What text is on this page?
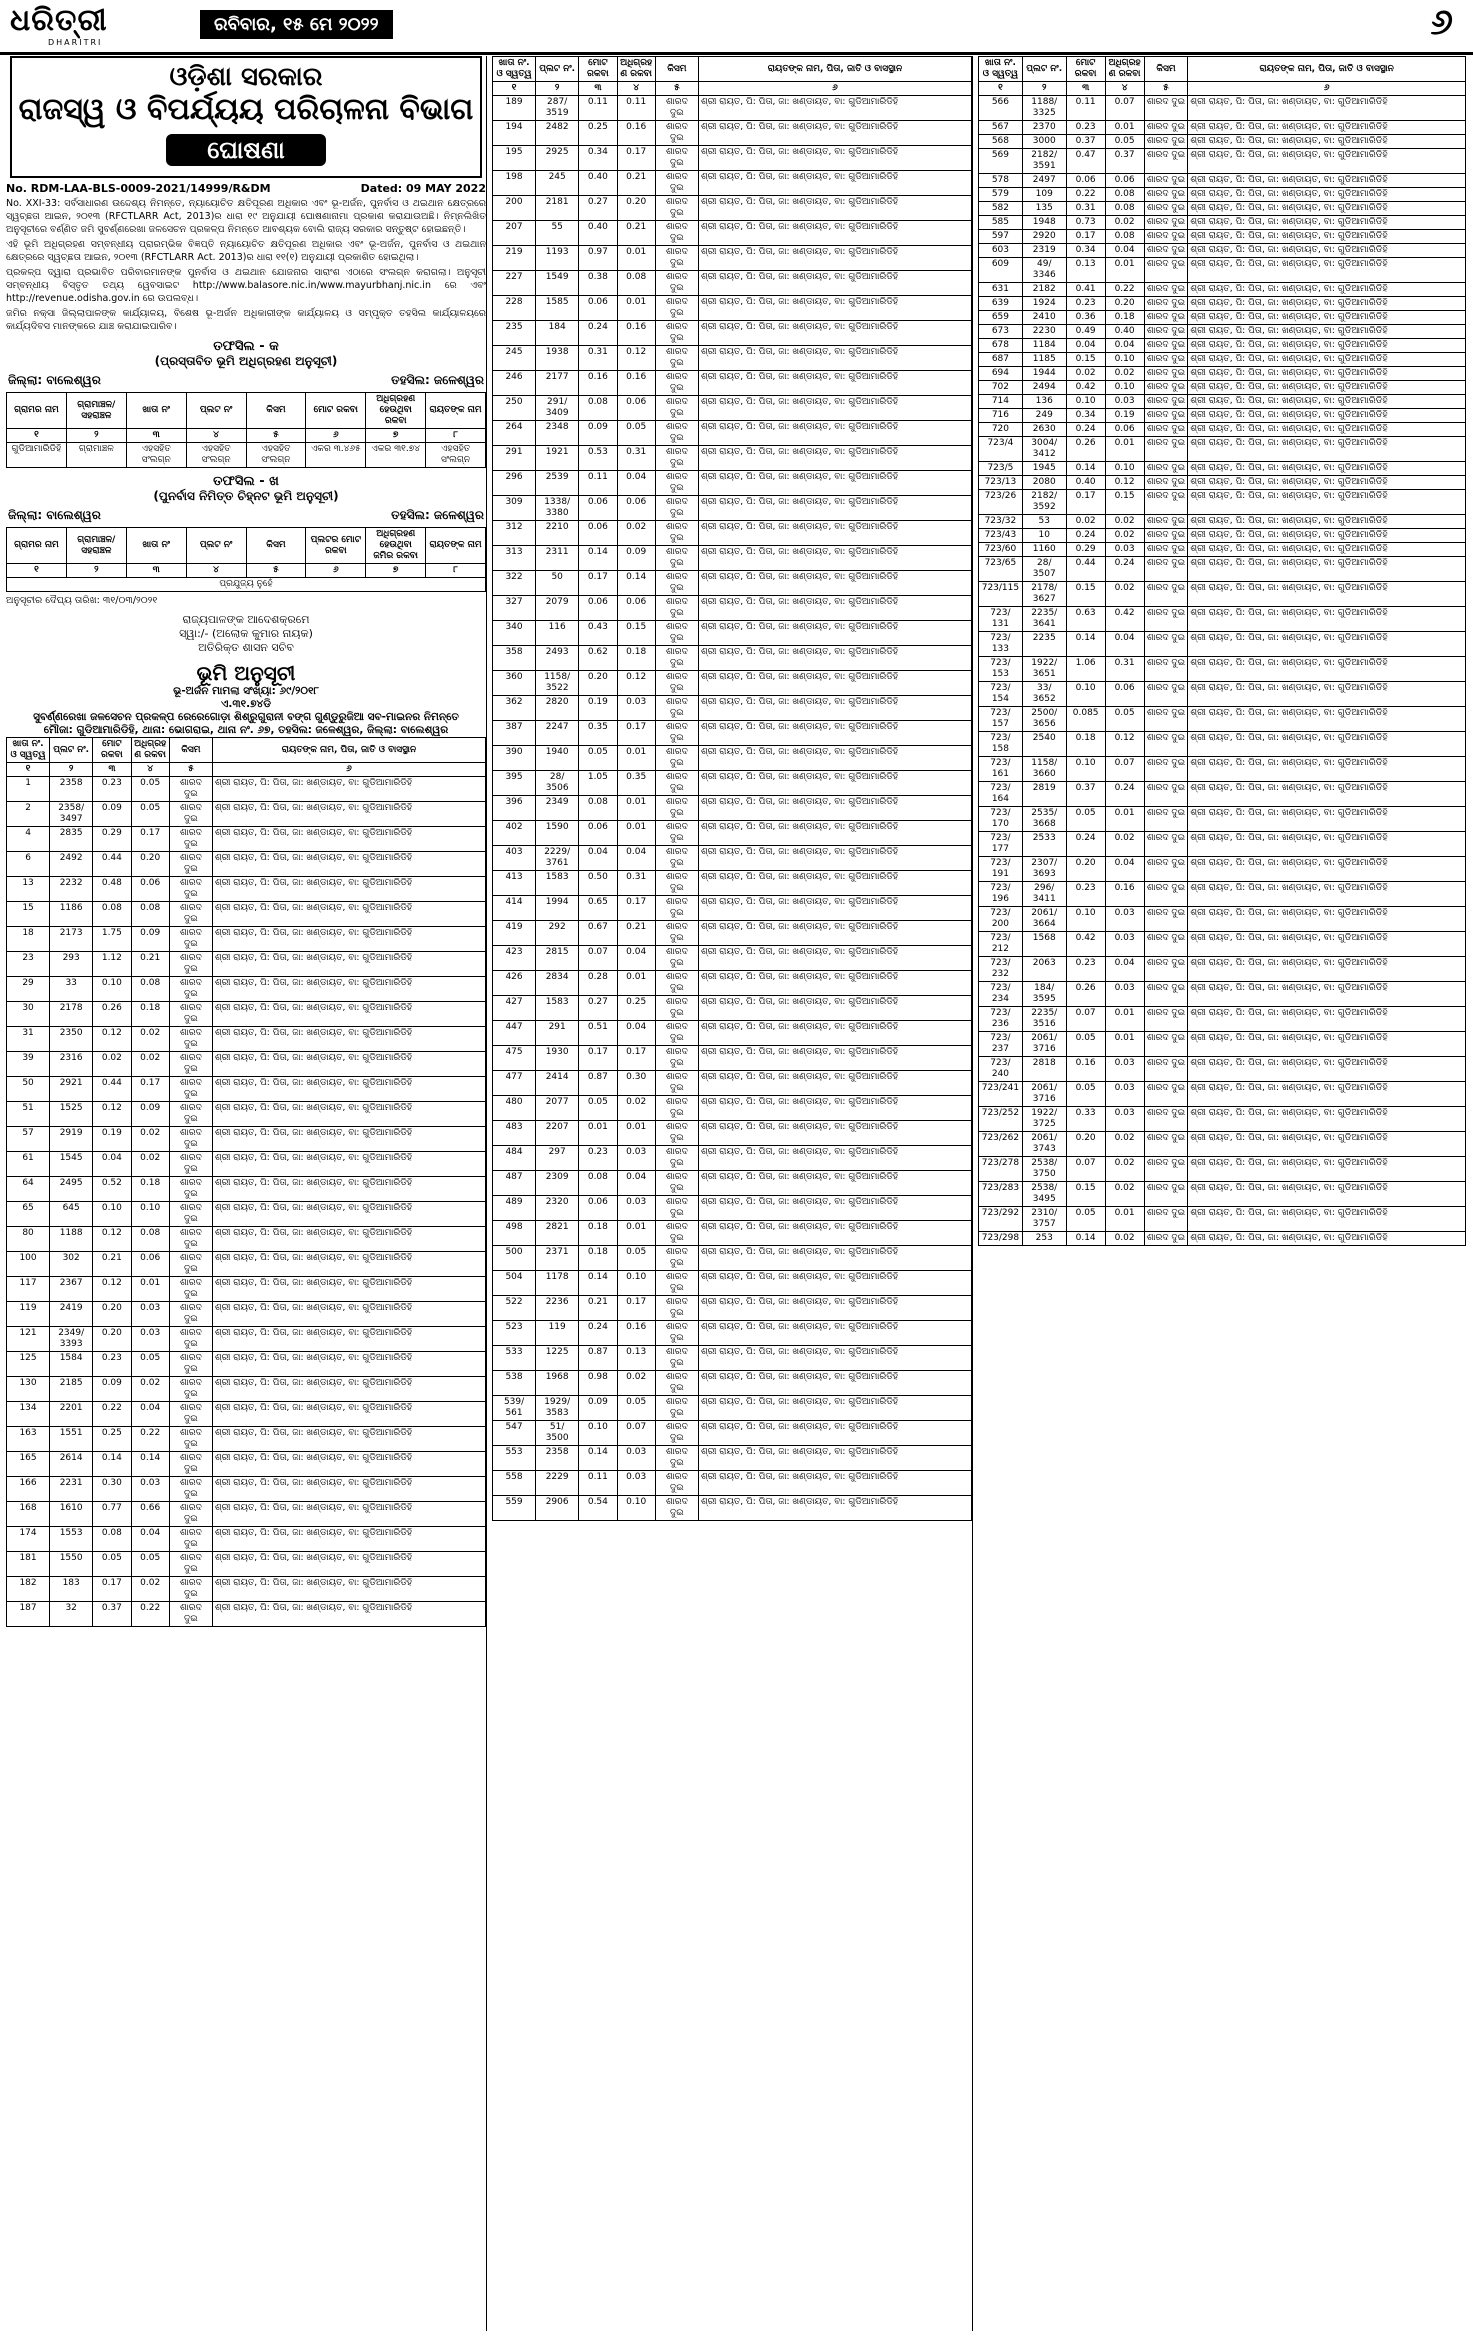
ଧରିତ୍ରୀ
DHARITRI
ରବିବାର, ୧୫ ମେ ୨୦୨୨	୬
ଓଡ଼ିଶା ସରକାର
ରାଜସ୍ୱ ଓ ବିପର୍ଯ୍ୟୟ ପରିଚାଳନା ବିଭାଗ
ଘୋଷଣା
No. RDM-LAA-BLS-0009-2021/14999/R&DM	Dated: 09 MAY 2022

No. XXI-33: ସର୍ବସାଧାରଣ ଉଦ୍ଦେଶ୍ୟ ନିମନ୍ତେ, ନ୍ୟାୟୋଚିତ କ୍ଷତିପୂରଣ ଅଧିକାର ଏବଂ ଭୂ-ଅର୍ଜନ, ପୁନର୍ବାସ ଓ ଥଇଥାନ କ୍ଷେତ୍ରରେ ସ୍ୱଚ୍ଛତା ଆଇନ, ୨୦୧୩ (RFCTLARR Act, 2013)ର ଧାରା ୧୯ ଅନୁଯାୟୀ ଘୋଷଣାନାମା ପ୍ରକାଶ କରାଯାଉଅଛି। ନିମ୍ନଲିଖିତ ଅନୁସୂଚୀରେ ବର୍ଣ୍ଣିତ ଜମି ସୁବର୍ଣ୍ଣରେଖା ଜଳସେଚନ ପ୍ରକଳ୍ପ ନିମନ୍ତେ ଆବଶ୍ୟକ ବୋଲି ରାଜ୍ୟ ସରକାର ସନ୍ତୁଷ୍ଟ ହୋଇଛନ୍ତି।

ଏହି ଭୂମି ଅଧିଗ୍ରହଣ ସମ୍ବନ୍ଧୀୟ ପ୍ରାରମ୍ଭିକ ବିଜ୍ଞପ୍ତି ନ୍ୟାୟୋଚିତ କ୍ଷତିପୂରଣ ଅଧିକାର ଏବଂ ଭୂ-ଅର୍ଜନ, ପୁନର୍ବାସ ଓ ଥଇଥାନ କ୍ଷେତ୍ରରେ ସ୍ୱଚ୍ଛତା ଆଇନ, ୨୦୧୩ (RFCTLARR Act. 2013)ର ଧାରା ୧୧(୧) ଅନୁଯାୟୀ ପ୍ରକାଶିତ ହୋଇଥିଲା।

ପ୍ରକଳ୍ପ ଦ୍ୱାରା ପ୍ରଭାବିତ ପରିବାରମାନଙ୍କ ପୁନର୍ବାସ ଓ ଥଇଥାନ ଯୋଜନାର ସାରାଂଶ ଏଠାରେ ସଂଲଗ୍ନ କରାଗଲା। ଅନୁସୂଚୀ ସମ୍ବନ୍ଧୀୟ ବିସ୍ତୃତ ତଥ୍ୟ ୱେବସାଇଟ http://www.balasore.nic.in/www.mayurbhanj.nic.in ରେ ଏବଂ http://revenue.odisha.gov.in ରେ ଉପଲବ୍ଧ।

ଜମିର ନକ୍ସା ଜିଲ୍ଲାପାଳଙ୍କ କାର୍ଯ୍ୟାଳୟ, ବିଶେଷ ଭୂ-ଅର୍ଜନ ଅଧିକାରୀଙ୍କ କାର୍ଯ୍ୟାଳୟ ଓ ସମ୍ପୃକ୍ତ ତହସିଲ କାର୍ଯ୍ୟାଳୟରେ କାର୍ଯ୍ୟଦିବସ ମାନଙ୍କରେ ଯାଞ୍ଚ କରାଯାଇପାରିବ।

ତଫସିଲ - କ
(ପ୍ରସ୍ତାବିତ ଭୂମି ଅଧିଗ୍ରହଣ ଅନୁସୂଚୀ)
ଜିଲ୍ଲା: ବାଲେଶ୍ୱର	ତହସିଲ: ଜଳେଶ୍ୱର
ଗ୍ରାମର ନାମ	ଗ୍ରାମାଞ୍ଚଳ/ ସହରାଞ୍ଚଳ	ଖାତା ନଂ	ପ୍ଲଟ ନଂ	କିସମ	ମୋଟ ରକବା	ଅଧିଗ୍ରହଣ ହେଉଥିବା ରକବା	ରାୟତଙ୍କ ନାମ
୧	୨	୩	୪	୫	୬	୭	୮
ଗୁଡିଆମାରିଡିହି	ଗ୍ରାମାଞ୍ଚଳ	ଏହସହିତ ସଂଲଗ୍ନ	ଏହସହିତ ସଂଲଗ୍ନ	ଏହସହିତ ସଂଲଗ୍ନ	ଏକର ୩.୪୬୫	ଏକର ୩୧.୭୪	ଏହସହିତ ସଂଲଗ୍ନ
ତଫସିଲ - ଖ
(ପୁନର୍ବାସ ନିମିତ୍ତ ଚିହ୍ନଟ ଭୂମି ଅନୁସୂଚୀ)
ଜିଲ୍ଲା: ବାଲେଶ୍ୱର	ତହସିଲ: ଜଳେଶ୍ୱର
ଗ୍ରାମର ନାମ	ଗ୍ରାମାଞ୍ଚଳ/ ସହରାଞ୍ଚଳ	ଖାତା ନଂ	ପ୍ଲଟ ନଂ	କିସମ	ପ୍ଲଟର ମୋଟ ରକବା	ଅଧିଗ୍ରହଣ ହେଉଥିବା ଜମିର ରକବା	ରାୟତଙ୍କ ନାମ
୧	୨	୩	୪	୫	୬	୭	୮
ପ୍ରଯୁଜ୍ୟ ନୁହେଁ							
ଅନୁସୂଚୀର ଦୈଘ୍ୟ ତାରିଖ: ୩୧/୦୩/୨୦୨୧
ରାଜ୍ୟପାଳଙ୍କ ଆଦେଶକ୍ରମେ
ସ୍ୱା:/- (ଅଲୋକ କୁମାର ନାୟକ)
ଅତିରିକ୍ତ ଶାସନ ସଚିବ
ଭୂମି ଅନୁସୂଚୀ
ଭୂ-ଅର୍ଜନ ମାମଲା ସଂଖ୍ୟା: ୬୯/୨୦୧୮
ଏ.୩୧.୭୪ଡି
ସୁବର୍ଣ୍ଣରେଖା ଜଳସେଚନ ପ୍ରକଳ୍ପ ରେରେଗୋଡ଼ା ଶିଶ୍ରୁଗୁରାନୀ ବଙ୍ଗ ଗୁଣ୍ଡୁରୁଜିଆ ସବ-ମାଇନର ନିମନ୍ତେ
ମୌଜା: ଗୁଡିଆମାରିଡିହି, ଥାନା: ଭୋଗରାଇ, ଥାନା ନଂ. ୬୭, ତହସିଲ: ଜଳେଶ୍ୱର, ଜିଲ୍ଲା: ବାଲେଶ୍ୱର
ଖାତା ନଂ. ଓ ସ୍ୱତ୍ୱ	ପ୍ଲଟ ନଂ.	ମୋଟ ରକବା	ଅଧିଗ୍ରହଣ ରକବା	କିସମ	ରାୟତଙ୍କ ନାମ, ପିତା, ଜାତି ଓ ବାସସ୍ଥାନ
୧	୨	୩	୪	୫	୬
1	2358	0.23	0.05	ଶାରଦ ଦୁଇ	ଶ୍ରୀ ରାୟତ, ପି: ପିତା, ଜା: ଖଣ୍ଡାୟତ, ବା: ଗୁଡିଆମାରିଡିହି
2	2358/ 3497	0.09	0.05	ଶାରଦ ଦୁଇ	ଶ୍ରୀ ରାୟତ, ପି: ପିତା, ଜା: ଖଣ୍ଡାୟତ, ବା: ଗୁଡିଆମାରିଡିହି
4	2835	0.29	0.17	ଶାରଦ ଦୁଇ	ଶ୍ରୀ ରାୟତ, ପି: ପିତା, ଜା: ଖଣ୍ଡାୟତ, ବା: ଗୁଡିଆମାରିଡିହି
6	2492	0.44	0.20	ଶାରଦ ଦୁଇ	ଶ୍ରୀ ରାୟତ, ପି: ପିତା, ଜା: ଖଣ୍ଡାୟତ, ବା: ଗୁଡିଆମାରିଡିହି
13	2232	0.48	0.06	ଶାରଦ ଦୁଇ	ଶ୍ରୀ ରାୟତ, ପି: ପିତା, ଜା: ଖଣ୍ଡାୟତ, ବା: ଗୁଡିଆମାରିଡିହି
15	1186	0.08	0.08	ଶାରଦ ଦୁଇ	ଶ୍ରୀ ରାୟତ, ପି: ପିତା, ଜା: ଖଣ୍ଡାୟତ, ବା: ଗୁଡିଆମାରିଡିହି
18	2173	1.75	0.09	ଶାରଦ ଦୁଇ	ଶ୍ରୀ ରାୟତ, ପି: ପିତା, ଜା: ଖଣ୍ଡାୟତ, ବା: ଗୁଡିଆମାରିଡିହି
23	293	1.12	0.21	ଶାରଦ ଦୁଇ	ଶ୍ରୀ ରାୟତ, ପି: ପିତା, ଜା: ଖଣ୍ଡାୟତ, ବା: ଗୁଡିଆମାରିଡିହି
29	33	0.10	0.08	ଶାରଦ ଦୁଇ	ଶ୍ରୀ ରାୟତ, ପି: ପିତା, ଜା: ଖଣ୍ଡାୟତ, ବା: ଗୁଡିଆମାରିଡିହି
30	2178	0.26	0.18	ଶାରଦ ଦୁଇ	ଶ୍ରୀ ରାୟତ, ପି: ପିତା, ଜା: ଖଣ୍ଡାୟତ, ବା: ଗୁଡିଆମାରିଡିହି
31	2350	0.12	0.02	ଶାରଦ ଦୁଇ	ଶ୍ରୀ ରାୟତ, ପି: ପିତା, ଜା: ଖଣ୍ଡାୟତ, ବା: ଗୁଡିଆମାରିଡିହି
39	2316	0.02	0.02	ଶାରଦ ଦୁଇ	ଶ୍ରୀ ରାୟତ, ପି: ପିତା, ଜା: ଖଣ୍ଡାୟତ, ବା: ଗୁଡିଆମାରିଡିହି
50	2921	0.44	0.17	ଶାରଦ ଦୁଇ	ଶ୍ରୀ ରାୟତ, ପି: ପିତା, ଜା: ଖଣ୍ଡାୟତ, ବା: ଗୁଡିଆମାରିଡିହି
51	1525	0.12	0.09	ଶାରଦ ଦୁଇ	ଶ୍ରୀ ରାୟତ, ପି: ପିତା, ଜା: ଖଣ୍ଡାୟତ, ବା: ଗୁଡିଆମାରିଡିହି
57	2919	0.19	0.02	ଶାରଦ ଦୁଇ	ଶ୍ରୀ ରାୟତ, ପି: ପିତା, ଜା: ଖଣ୍ଡାୟତ, ବା: ଗୁଡିଆମାରିଡିହି
61	1545	0.04	0.02	ଶାରଦ ଦୁଇ	ଶ୍ରୀ ରାୟତ, ପି: ପିତା, ଜା: ଖଣ୍ଡାୟତ, ବା: ଗୁଡିଆମାରିଡିହି
64	2495	0.52	0.18	ଶାରଦ ଦୁଇ	ଶ୍ରୀ ରାୟତ, ପି: ପିତା, ଜା: ଖଣ୍ଡାୟତ, ବା: ଗୁଡିଆମାରିଡିହି
65	645	0.10	0.10	ଶାରଦ ଦୁଇ	ଶ୍ରୀ ରାୟତ, ପି: ପିତା, ଜା: ଖଣ୍ଡାୟତ, ବା: ଗୁଡିଆମାରିଡିହି
80	1188	0.12	0.08	ଶାରଦ ଦୁଇ	ଶ୍ରୀ ରାୟତ, ପି: ପିତା, ଜା: ଖଣ୍ଡାୟତ, ବା: ଗୁଡିଆମାରିଡିହି
100	302	0.21	0.06	ଶାରଦ ଦୁଇ	ଶ୍ରୀ ରାୟତ, ପି: ପିତା, ଜା: ଖଣ୍ଡାୟତ, ବା: ଗୁଡିଆମାରିଡିହି
117	2367	0.12	0.01	ଶାରଦ ଦୁଇ	ଶ୍ରୀ ରାୟତ, ପି: ପିତା, ଜା: ଖଣ୍ଡାୟତ, ବା: ଗୁଡିଆମାରିଡିହି
119	2419	0.20	0.03	ଶାରଦ ଦୁଇ	ଶ୍ରୀ ରାୟତ, ପି: ପିତା, ଜା: ଖଣ୍ଡାୟତ, ବା: ଗୁଡିଆମାରିଡିହି
121	2349/ 3393	0.20	0.03	ଶାରଦ ଦୁଇ	ଶ୍ରୀ ରାୟତ, ପି: ପିତା, ଜା: ଖଣ୍ଡାୟତ, ବା: ଗୁଡିଆମାରିଡିହି
125	1584	0.23	0.05	ଶାରଦ ଦୁଇ	ଶ୍ରୀ ରାୟତ, ପି: ପିତା, ଜା: ଖଣ୍ଡାୟତ, ବା: ଗୁଡିଆମାରିଡିହି
130	2185	0.09	0.02	ଶାରଦ ଦୁଇ	ଶ୍ରୀ ରାୟତ, ପି: ପିତା, ଜା: ଖଣ୍ଡାୟତ, ବା: ଗୁଡିଆମାରିଡିହି
134	2201	0.22	0.04	ଶାରଦ ଦୁଇ	ଶ୍ରୀ ରାୟତ, ପି: ପିତା, ଜା: ଖଣ୍ଡାୟତ, ବା: ଗୁଡିଆମାରିଡିହି
163	1551	0.25	0.22	ଶାରଦ ଦୁଇ	ଶ୍ରୀ ରାୟତ, ପି: ପିତା, ଜା: ଖଣ୍ଡାୟତ, ବା: ଗୁଡିଆମାରିଡିହି
165	2614	0.14	0.14	ଶାରଦ ଦୁଇ	ଶ୍ରୀ ରାୟତ, ପି: ପିତା, ଜା: ଖଣ୍ଡାୟତ, ବା: ଗୁଡିଆମାରିଡିହି
166	2231	0.30	0.03	ଶାରଦ ଦୁଇ	ଶ୍ରୀ ରାୟତ, ପି: ପିତା, ଜା: ଖଣ୍ଡାୟତ, ବା: ଗୁଡିଆମାରିଡିହି
168	1610	0.77	0.66	ଶାରଦ ଦୁଇ	ଶ୍ରୀ ରାୟତ, ପି: ପିତା, ଜା: ଖଣ୍ଡାୟତ, ବା: ଗୁଡିଆମାରିଡିହି
174	1553	0.08	0.04	ଶାରଦ ଦୁଇ	ଶ୍ରୀ ରାୟତ, ପି: ପିତା, ଜା: ଖଣ୍ଡାୟତ, ବା: ଗୁଡିଆମାରିଡିହି
181	1550	0.05	0.05	ଶାରଦ ଦୁଇ	ଶ୍ରୀ ରାୟତ, ପି: ପିତା, ଜା: ଖଣ୍ଡାୟତ, ବା: ଗୁଡିଆମାରିଡିହି
182	183	0.17	0.02	ଶାରଦ ଦୁଇ	ଶ୍ରୀ ରାୟତ, ପି: ପିତା, ଜା: ଖଣ୍ଡାୟତ, ବା: ଗୁଡିଆମାରିଡିହି
187	32	0.37	0.22	ଶାରଦ ଦୁଇ	ଶ୍ରୀ ରାୟତ, ପି: ପିତା, ଜା: ଖଣ୍ଡାୟତ, ବା: ଗୁଡିଆମାରିଡିହି
ଖାତା ନଂ. ଓ ସ୍ୱତ୍ୱ	ପ୍ଲଟ ନଂ.	ମୋଟ ରକବା	ଅଧିଗ୍ରହଣ ରକବା	କିସମ	ରାୟତଙ୍କ ନାମ, ପିତା, ଜାତି ଓ ବାସସ୍ଥାନ
୧	୨	୩	୪	୫	୬
189	287/ 3519	0.11	0.11	ଶାରଦ ଦୁଇ	ଶ୍ରୀ ରାୟତ, ପି: ପିତା, ଜା: ଖଣ୍ଡାୟତ, ବା: ଗୁଡିଆମାରିଡିହି
194	2482	0.25	0.16	ଶାରଦ ଦୁଇ	ଶ୍ରୀ ରାୟତ, ପି: ପିତା, ଜା: ଖଣ୍ଡାୟତ, ବା: ଗୁଡିଆମାରିଡିହି
195	2925	0.34	0.17	ଶାରଦ ଦୁଇ	ଶ୍ରୀ ରାୟତ, ପି: ପିତା, ଜା: ଖଣ୍ଡାୟତ, ବା: ଗୁଡିଆମାରିଡିହି
198	245	0.40	0.21	ଶାରଦ ଦୁଇ	ଶ୍ରୀ ରାୟତ, ପି: ପିତା, ଜା: ଖଣ୍ଡାୟତ, ବା: ଗୁଡିଆମାରିଡିହି
200	2181	0.27	0.20	ଶାରଦ ଦୁଇ	ଶ୍ରୀ ରାୟତ, ପି: ପିତା, ଜା: ଖଣ୍ଡାୟତ, ବା: ଗୁଡିଆମାରିଡିହି
207	55	0.40	0.21	ଶାରଦ ଦୁଇ	ଶ୍ରୀ ରାୟତ, ପି: ପିତା, ଜା: ଖଣ୍ଡାୟତ, ବା: ଗୁଡିଆମାରିଡିହି
219	1193	0.97	0.01	ଶାରଦ ଦୁଇ	ଶ୍ରୀ ରାୟତ, ପି: ପିତା, ଜା: ଖଣ୍ଡାୟତ, ବା: ଗୁଡିଆମାରିଡିହି
227	1549	0.38	0.08	ଶାରଦ ଦୁଇ	ଶ୍ରୀ ରାୟତ, ପି: ପିତା, ଜା: ଖଣ୍ଡାୟତ, ବା: ଗୁଡିଆମାରିଡିହି
228	1585	0.06	0.01	ଶାରଦ ଦୁଇ	ଶ୍ରୀ ରାୟତ, ପି: ପିତା, ଜା: ଖଣ୍ଡାୟତ, ବା: ଗୁଡିଆମାରିଡିହି
235	184	0.24	0.16	ଶାରଦ ଦୁଇ	ଶ୍ରୀ ରାୟତ, ପି: ପିତା, ଜା: ଖଣ୍ଡାୟତ, ବା: ଗୁଡିଆମାରିଡିହି
245	1938	0.31	0.12	ଶାରଦ ଦୁଇ	ଶ୍ରୀ ରାୟତ, ପି: ପିତା, ଜା: ଖଣ୍ଡାୟତ, ବା: ଗୁଡିଆମାରିଡିହି
246	2177	0.16	0.16	ଶାରଦ ଦୁଇ	ଶ୍ରୀ ରାୟତ, ପି: ପିତା, ଜା: ଖଣ୍ଡାୟତ, ବା: ଗୁଡିଆମାରିଡିହି
250	291/ 3409	0.08	0.06	ଶାରଦ ଦୁଇ	ଶ୍ରୀ ରାୟତ, ପି: ପିତା, ଜା: ଖଣ୍ଡାୟତ, ବା: ଗୁଡିଆମାରିଡିହି
264	2348	0.09	0.05	ଶାରଦ ଦୁଇ	ଶ୍ରୀ ରାୟତ, ପି: ପିତା, ଜା: ଖଣ୍ଡାୟତ, ବା: ଗୁଡିଆମାରିଡିହି
291	1921	0.53	0.31	ଶାରଦ ଦୁଇ	ଶ୍ରୀ ରାୟତ, ପି: ପିତା, ଜା: ଖଣ୍ଡାୟତ, ବା: ଗୁଡିଆମାରିଡିହି
296	2539	0.11	0.04	ଶାରଦ ଦୁଇ	ଶ୍ରୀ ରାୟତ, ପି: ପିତା, ଜା: ଖଣ୍ଡାୟତ, ବା: ଗୁଡିଆମାରିଡିହି
309	1338/ 3380	0.06	0.06	ଶାରଦ ଦୁଇ	ଶ୍ରୀ ରାୟତ, ପି: ପିତା, ଜା: ଖଣ୍ଡାୟତ, ବା: ଗୁଡିଆମାରିଡିହି
312	2210	0.06	0.02	ଶାରଦ ଦୁଇ	ଶ୍ରୀ ରାୟତ, ପି: ପିତା, ଜା: ଖଣ୍ଡାୟତ, ବା: ଗୁଡିଆମାରିଡିହି
313	2311	0.14	0.09	ଶାରଦ ଦୁଇ	ଶ୍ରୀ ରାୟତ, ପି: ପିତା, ଜା: ଖଣ୍ଡାୟତ, ବା: ଗୁଡିଆମାରିଡିହି
322	50	0.17	0.14	ଶାରଦ ଦୁଇ	ଶ୍ରୀ ରାୟତ, ପି: ପିତା, ଜା: ଖଣ୍ଡାୟତ, ବା: ଗୁଡିଆମାରିଡିହି
327	2079	0.06	0.06	ଶାରଦ ଦୁଇ	ଶ୍ରୀ ରାୟତ, ପି: ପିତା, ଜା: ଖଣ୍ଡାୟତ, ବା: ଗୁଡିଆମାରିଡିହି
340	116	0.43	0.15	ଶାରଦ ଦୁଇ	ଶ୍ରୀ ରାୟତ, ପି: ପିତା, ଜା: ଖଣ୍ଡାୟତ, ବା: ଗୁଡିଆମାରିଡିହି
358	2493	0.62	0.18	ଶାରଦ ଦୁଇ	ଶ୍ରୀ ରାୟତ, ପି: ପିତା, ଜା: ଖଣ୍ଡାୟତ, ବା: ଗୁଡିଆମାରିଡିହି
360	1158/ 3522	0.20	0.12	ଶାରଦ ଦୁଇ	ଶ୍ରୀ ରାୟତ, ପି: ପିତା, ଜା: ଖଣ୍ଡାୟତ, ବା: ଗୁଡିଆମାରିଡିହି
362	2820	0.19	0.03	ଶାରଦ ଦୁଇ	ଶ୍ରୀ ରାୟତ, ପି: ପିତା, ଜା: ଖଣ୍ଡାୟତ, ବା: ଗୁଡିଆମାରିଡିହି
387	2247	0.35	0.17	ଶାରଦ ଦୁଇ	ଶ୍ରୀ ରାୟତ, ପି: ପିତା, ଜା: ଖଣ୍ଡାୟତ, ବା: ଗୁଡିଆମାରିଡିହି
390	1940	0.05	0.01	ଶାରଦ ଦୁଇ	ଶ୍ରୀ ରାୟତ, ପି: ପିତା, ଜା: ଖଣ୍ଡାୟତ, ବା: ଗୁଡିଆମାରିଡିହି
395	28/ 3506	1.05	0.35	ଶାରଦ ଦୁଇ	ଶ୍ରୀ ରାୟତ, ପି: ପିତା, ଜା: ଖଣ୍ଡାୟତ, ବା: ଗୁଡିଆମାରିଡିହି
396	2349	0.08	0.01	ଶାରଦ ଦୁଇ	ଶ୍ରୀ ରାୟତ, ପି: ପିତା, ଜା: ଖଣ୍ଡାୟତ, ବା: ଗୁଡିଆମାରିଡିହି
402	1590	0.06	0.01	ଶାରଦ ଦୁଇ	ଶ୍ରୀ ରାୟତ, ପି: ପିତା, ଜା: ଖଣ୍ଡାୟତ, ବା: ଗୁଡିଆମାରିଡିହି
403	2229/ 3761	0.04	0.04	ଶାରଦ ଦୁଇ	ଶ୍ରୀ ରାୟତ, ପି: ପିତା, ଜା: ଖଣ୍ଡାୟତ, ବା: ଗୁଡିଆମାରିଡିହି
413	1583	0.50	0.31	ଶାରଦ ଦୁଇ	ଶ୍ରୀ ରାୟତ, ପି: ପିତା, ଜା: ଖଣ୍ଡାୟତ, ବା: ଗୁଡିଆମାରିଡିହି
414	1994	0.65	0.17	ଶାରଦ ଦୁଇ	ଶ୍ରୀ ରାୟତ, ପି: ପିତା, ଜା: ଖଣ୍ଡାୟତ, ବା: ଗୁଡିଆମାରିଡିହି
419	292	0.67	0.21	ଶାରଦ ଦୁଇ	ଶ୍ରୀ ରାୟତ, ପି: ପିତା, ଜା: ଖଣ୍ଡାୟତ, ବା: ଗୁଡିଆମାରିଡିହି
423	2815	0.07	0.04	ଶାରଦ ଦୁଇ	ଶ୍ରୀ ରାୟତ, ପି: ପିତା, ଜା: ଖଣ୍ଡାୟତ, ବା: ଗୁଡିଆମାରିଡିହି
426	2834	0.28	0.01	ଶାରଦ ଦୁଇ	ଶ୍ରୀ ରାୟତ, ପି: ପିତା, ଜା: ଖଣ୍ଡାୟତ, ବା: ଗୁଡିଆମାରିଡିହି
427	1583	0.27	0.25	ଶାରଦ ଦୁଇ	ଶ୍ରୀ ରାୟତ, ପି: ପିତା, ଜା: ଖଣ୍ଡାୟତ, ବା: ଗୁଡିଆମାରିଡିହି
447	291	0.51	0.04	ଶାରଦ ଦୁଇ	ଶ୍ରୀ ରାୟତ, ପି: ପିତା, ଜା: ଖଣ୍ଡାୟତ, ବା: ଗୁଡିଆମାରିଡିହି
475	1930	0.17	0.17	ଶାରଦ ଦୁଇ	ଶ୍ରୀ ରାୟତ, ପି: ପିତା, ଜା: ଖଣ୍ଡାୟତ, ବା: ଗୁଡିଆମାରିଡିହି
477	2414	0.87	0.30	ଶାରଦ ଦୁଇ	ଶ୍ରୀ ରାୟତ, ପି: ପିତା, ଜା: ଖଣ୍ଡାୟତ, ବା: ଗୁଡିଆମାରିଡିହି
480	2077	0.05	0.02	ଶାରଦ ଦୁଇ	ଶ୍ରୀ ରାୟତ, ପି: ପିତା, ଜା: ଖଣ୍ଡାୟତ, ବା: ଗୁଡିଆମାରିଡିହି
483	2207	0.01	0.01	ଶାରଦ ଦୁଇ	ଶ୍ରୀ ରାୟତ, ପି: ପିତା, ଜା: ଖଣ୍ଡାୟତ, ବା: ଗୁଡିଆମାରିଡିହି
484	297	0.23	0.03	ଶାରଦ ଦୁଇ	ଶ୍ରୀ ରାୟତ, ପି: ପିତା, ଜା: ଖଣ୍ଡାୟତ, ବା: ଗୁଡିଆମାରିଡିହି
487	2309	0.08	0.04	ଶାରଦ ଦୁଇ	ଶ୍ରୀ ରାୟତ, ପି: ପିତା, ଜା: ଖଣ୍ଡାୟତ, ବା: ଗୁଡିଆମାରିଡିହି
489	2320	0.06	0.03	ଶାରଦ ଦୁଇ	ଶ୍ରୀ ରାୟତ, ପି: ପିତା, ଜା: ଖଣ୍ଡାୟତ, ବା: ଗୁଡିଆମାରିଡିହି
498	2821	0.18	0.01	ଶାରଦ ଦୁଇ	ଶ୍ରୀ ରାୟତ, ପି: ପିତା, ଜା: ଖଣ୍ଡାୟତ, ବା: ଗୁଡିଆମାରିଡିହି
500	2371	0.18	0.05	ଶାରଦ ଦୁଇ	ଶ୍ରୀ ରାୟତ, ପି: ପିତା, ଜା: ଖଣ୍ଡାୟତ, ବା: ଗୁଡିଆମାରିଡିହି
504	1178	0.14	0.10	ଶାରଦ ଦୁଇ	ଶ୍ରୀ ରାୟତ, ପି: ପିତା, ଜା: ଖଣ୍ଡାୟତ, ବା: ଗୁଡିଆମାରିଡିହି
522	2236	0.21	0.17	ଶାରଦ ଦୁଇ	ଶ୍ରୀ ରାୟତ, ପି: ପିତା, ଜା: ଖଣ୍ଡାୟତ, ବା: ଗୁଡିଆମାରିଡିହି
523	119	0.24	0.16	ଶାରଦ ଦୁଇ	ଶ୍ରୀ ରାୟତ, ପି: ପିତା, ଜା: ଖଣ୍ଡାୟତ, ବା: ଗୁଡିଆମାରିଡିହି
533	1225	0.87	0.13	ଶାରଦ ଦୁଇ	ଶ୍ରୀ ରାୟତ, ପି: ପିତା, ଜା: ଖଣ୍ଡାୟତ, ବା: ଗୁଡିଆମାରିଡିହି
538	1968	0.98	0.02	ଶାରଦ ଦୁଇ	ଶ୍ରୀ ରାୟତ, ପି: ପିତା, ଜା: ଖଣ୍ଡାୟତ, ବା: ଗୁଡିଆମାରିଡିହି
539/ 561	1929/ 3583	0.09	0.05	ଶାରଦ ଦୁଇ	ଶ୍ରୀ ରାୟତ, ପି: ପିତା, ଜା: ଖଣ୍ଡାୟତ, ବା: ଗୁଡିଆମାରିଡିହି
547	51/ 3500	0.10	0.07	ଶାରଦ ଦୁଇ	ଶ୍ରୀ ରାୟତ, ପି: ପିତା, ଜା: ଖଣ୍ଡାୟତ, ବା: ଗୁଡିଆମାରିଡିହି
553	2358	0.14	0.03	ଶାରଦ ଦୁଇ	ଶ୍ରୀ ରାୟତ, ପି: ପିତା, ଜା: ଖଣ୍ଡାୟତ, ବା: ଗୁଡିଆମାରିଡିହି
558	2229	0.11	0.03	ଶାରଦ ଦୁଇ	ଶ୍ରୀ ରାୟତ, ପି: ପିତା, ଜା: ଖଣ୍ଡାୟତ, ବା: ଗୁଡିଆମାରିଡିହି
559	2906	0.54	0.10	ଶାରଦ ଦୁଇ	ଶ୍ରୀ ରାୟତ, ପି: ପିତା, ଜା: ଖଣ୍ଡାୟତ, ବା: ଗୁଡିଆମାରିଡିହି
ଖାତା ନଂ. ଓ ସ୍ୱତ୍ୱ	ପ୍ଲଟ ନଂ.	ମୋଟ ରକବା	ଅଧିଗ୍ରହଣ ରକବା	କିସମ	ରାୟତଙ୍କ ନାମ, ପିତା, ଜାତି ଓ ବାସସ୍ଥାନ
୧	୨	୩	୪	୫	୬
566	1188/ 3325	0.11	0.07	ଶାରଦ ଦୁଇ	ଶ୍ରୀ ରାୟତ, ପି: ପିତା, ଜା: ଖଣ୍ଡାୟତ, ବା: ଗୁଡିଆମାରିଡିହି
567	2370	0.23	0.01	ଶାରଦ ଦୁଇ	ଶ୍ରୀ ରାୟତ, ପି: ପିତା, ଜା: ଖଣ୍ଡାୟତ, ବା: ଗୁଡିଆମାରିଡିହି
568	3000	0.37	0.05	ଶାରଦ ଦୁଇ	ଶ୍ରୀ ରାୟତ, ପି: ପିତା, ଜା: ଖଣ୍ଡାୟତ, ବା: ଗୁଡିଆମାରିଡିହି
569	2182/ 3591	0.47	0.37	ଶାରଦ ଦୁଇ	ଶ୍ରୀ ରାୟତ, ପି: ପିତା, ଜା: ଖଣ୍ଡାୟତ, ବା: ଗୁଡିଆମାରିଡିହି
578	2497	0.06	0.06	ଶାରଦ ଦୁଇ	ଶ୍ରୀ ରାୟତ, ପି: ପିତା, ଜା: ଖଣ୍ଡାୟତ, ବା: ଗୁଡିଆମାରିଡିହି
579	109	0.22	0.08	ଶାରଦ ଦୁଇ	ଶ୍ରୀ ରାୟତ, ପି: ପିତା, ଜା: ଖଣ୍ଡାୟତ, ବା: ଗୁଡିଆମାରିଡିହି
582	135	0.31	0.08	ଶାରଦ ଦୁଇ	ଶ୍ରୀ ରାୟତ, ପି: ପିତା, ଜା: ଖଣ୍ଡାୟତ, ବା: ଗୁଡିଆମାରିଡିହି
585	1948	0.73	0.02	ଶାରଦ ଦୁଇ	ଶ୍ରୀ ରାୟତ, ପି: ପିତା, ଜା: ଖଣ୍ଡାୟତ, ବା: ଗୁଡିଆମାରିଡିହି
597	2920	0.17	0.08	ଶାରଦ ଦୁଇ	ଶ୍ରୀ ରାୟତ, ପି: ପିତା, ଜା: ଖଣ୍ଡାୟତ, ବା: ଗୁଡିଆମାରିଡିହି
603	2319	0.34	0.04	ଶାରଦ ଦୁଇ	ଶ୍ରୀ ରାୟତ, ପି: ପିତା, ଜା: ଖଣ୍ଡାୟତ, ବା: ଗୁଡିଆମାରିଡିହି
609	49/ 3346	0.13	0.01	ଶାରଦ ଦୁଇ	ଶ୍ରୀ ରାୟତ, ପି: ପିତା, ଜା: ଖଣ୍ଡାୟତ, ବା: ଗୁଡିଆମାରିଡିହି
631	2182	0.41	0.22	ଶାରଦ ଦୁଇ	ଶ୍ରୀ ରାୟତ, ପି: ପିତା, ଜା: ଖଣ୍ଡାୟତ, ବା: ଗୁଡିଆମାରିଡିହି
639	1924	0.23	0.20	ଶାରଦ ଦୁଇ	ଶ୍ରୀ ରାୟତ, ପି: ପିତା, ଜା: ଖଣ୍ଡାୟତ, ବା: ଗୁଡିଆମାରିଡିହି
659	2410	0.36	0.18	ଶାରଦ ଦୁଇ	ଶ୍ରୀ ରାୟତ, ପି: ପିତା, ଜା: ଖଣ୍ଡାୟତ, ବା: ଗୁଡିଆମାରିଡିହି
673	2230	0.49	0.40	ଶାରଦ ଦୁଇ	ଶ୍ରୀ ରାୟତ, ପି: ପିତା, ଜା: ଖଣ୍ଡାୟତ, ବା: ଗୁଡିଆମାରିଡିହି
678	1184	0.04	0.04	ଶାରଦ ଦୁଇ	ଶ୍ରୀ ରାୟତ, ପି: ପିତା, ଜା: ଖଣ୍ଡାୟତ, ବା: ଗୁଡିଆମାରିଡିହି
687	1185	0.15	0.10	ଶାରଦ ଦୁଇ	ଶ୍ରୀ ରାୟତ, ପି: ପିତା, ଜା: ଖଣ୍ଡାୟତ, ବା: ଗୁଡିଆମାରିଡିହି
694	1944	0.02	0.02	ଶାରଦ ଦୁଇ	ଶ୍ରୀ ରାୟତ, ପି: ପିତା, ଜା: ଖଣ୍ଡାୟତ, ବା: ଗୁଡିଆମାରିଡିହି
702	2494	0.42	0.10	ଶାରଦ ଦୁଇ	ଶ୍ରୀ ରାୟତ, ପି: ପିତା, ଜା: ଖଣ୍ଡାୟତ, ବା: ଗୁଡିଆମାରିଡିହି
714	136	0.10	0.03	ଶାରଦ ଦୁଇ	ଶ୍ରୀ ରାୟତ, ପି: ପିତା, ଜା: ଖଣ୍ଡାୟତ, ବା: ଗୁଡିଆମାରିଡିହି
716	249	0.34	0.19	ଶାରଦ ଦୁଇ	ଶ୍ରୀ ରାୟତ, ପି: ପିତା, ଜା: ଖଣ୍ଡାୟତ, ବା: ଗୁଡିଆମାରିଡିହି
720	2630	0.24	0.06	ଶାରଦ ଦୁଇ	ଶ୍ରୀ ରାୟତ, ପି: ପିତା, ଜା: ଖଣ୍ଡାୟତ, ବା: ଗୁଡିଆମାରିଡିହି
723/4	3004/ 3412	0.26	0.01	ଶାରଦ ଦୁଇ	ଶ୍ରୀ ରାୟତ, ପି: ପିତା, ଜା: ଖଣ୍ଡାୟତ, ବା: ଗୁଡିଆମାରିଡିହି
723/5	1945	0.14	0.10	ଶାରଦ ଦୁଇ	ଶ୍ରୀ ରାୟତ, ପି: ପିତା, ଜା: ଖଣ୍ଡାୟତ, ବା: ଗୁଡିଆମାରିଡିହି
723/13	2080	0.40	0.12	ଶାରଦ ଦୁଇ	ଶ୍ରୀ ରାୟତ, ପି: ପିତା, ଜା: ଖଣ୍ଡାୟତ, ବା: ଗୁଡିଆମାରିଡିହି
723/26	2182/ 3592	0.17	0.15	ଶାରଦ ଦୁଇ	ଶ୍ରୀ ରାୟତ, ପି: ପିତା, ଜା: ଖଣ୍ଡାୟତ, ବା: ଗୁଡିଆମାରିଡିହି
723/32	53	0.02	0.02	ଶାରଦ ଦୁଇ	ଶ୍ରୀ ରାୟତ, ପି: ପିତା, ଜା: ଖଣ୍ଡାୟତ, ବା: ଗୁଡିଆମାରିଡିହି
723/43	10	0.24	0.02	ଶାରଦ ଦୁଇ	ଶ୍ରୀ ରାୟତ, ପି: ପିତା, ଜା: ଖଣ୍ଡାୟତ, ବା: ଗୁଡିଆମାରିଡିହି
723/60	1160	0.29	0.03	ଶାରଦ ଦୁଇ	ଶ୍ରୀ ରାୟତ, ପି: ପିତା, ଜା: ଖଣ୍ଡାୟତ, ବା: ଗୁଡିଆମାରିଡିହି
723/65	28/ 3507	0.44	0.24	ଶାରଦ ଦୁଇ	ଶ୍ରୀ ରାୟତ, ପି: ପିତା, ଜା: ଖଣ୍ଡାୟତ, ବା: ଗୁଡିଆମାରିଡିହି
723/115	2178/ 3627	0.15	0.02	ଶାରଦ ଦୁଇ	ଶ୍ରୀ ରାୟତ, ପି: ପିତା, ଜା: ଖଣ୍ଡାୟତ, ବା: ଗୁଡିଆମାରିଡିହି
723/ 131	2235/ 3641	0.63	0.42	ଶାରଦ ଦୁଇ	ଶ୍ରୀ ରାୟତ, ପି: ପିତା, ଜା: ଖଣ୍ଡାୟତ, ବା: ଗୁଡିଆମାରିଡିହି
723/ 133	2235	0.14	0.04	ଶାରଦ ଦୁଇ	ଶ୍ରୀ ରାୟତ, ପି: ପିତା, ଜା: ଖଣ୍ଡାୟତ, ବା: ଗୁଡିଆମାରିଡିହି
723/ 153	1922/ 3651	1.06	0.31	ଶାରଦ ଦୁଇ	ଶ୍ରୀ ରାୟତ, ପି: ପିତା, ଜା: ଖଣ୍ଡାୟତ, ବା: ଗୁଡିଆମାରିଡିହି
723/ 154	33/ 3652	0.10	0.06	ଶାରଦ ଦୁଇ	ଶ୍ରୀ ରାୟତ, ପି: ପିତା, ଜା: ଖଣ୍ଡାୟତ, ବା: ଗୁଡିଆମାରିଡିହି
723/ 157	2500/ 3656	0.085	0.05	ଶାରଦ ଦୁଇ	ଶ୍ରୀ ରାୟତ, ପି: ପିତା, ଜା: ଖଣ୍ଡାୟତ, ବା: ଗୁଡିଆମାରିଡିହି
723/ 158	2540	0.18	0.12	ଶାରଦ ଦୁଇ	ଶ୍ରୀ ରାୟତ, ପି: ପିତା, ଜା: ଖଣ୍ଡାୟତ, ବା: ଗୁଡିଆମାରିଡିହି
723/ 161	1158/ 3660	0.10	0.07	ଶାରଦ ଦୁଇ	ଶ୍ରୀ ରାୟତ, ପି: ପିତା, ଜା: ଖଣ୍ଡାୟତ, ବା: ଗୁଡିଆମାରିଡିହି
723/ 164	2819	0.37	0.24	ଶାରଦ ଦୁଇ	ଶ୍ରୀ ରାୟତ, ପି: ପିତା, ଜା: ଖଣ୍ଡାୟତ, ବା: ଗୁଡିଆମାରିଡିହି
723/ 170	2535/ 3668	0.05	0.01	ଶାରଦ ଦୁଇ	ଶ୍ରୀ ରାୟତ, ପି: ପିତା, ଜା: ଖଣ୍ଡାୟତ, ବା: ଗୁଡିଆମାରିଡିହି
723/ 177	2533	0.24	0.02	ଶାରଦ ଦୁଇ	ଶ୍ରୀ ରାୟତ, ପି: ପିତା, ଜା: ଖଣ୍ଡାୟତ, ବା: ଗୁଡିଆମାରିଡିହି
723/ 191	2307/ 3693	0.20	0.04	ଶାରଦ ଦୁଇ	ଶ୍ରୀ ରାୟତ, ପି: ପିତା, ଜା: ଖଣ୍ଡାୟତ, ବା: ଗୁଡିଆମାରିଡିହି
723/ 196	296/ 3411	0.23	0.16	ଶାରଦ ଦୁଇ	ଶ୍ରୀ ରାୟତ, ପି: ପିତା, ଜା: ଖଣ୍ଡାୟତ, ବା: ଗୁଡିଆମାରିଡିହି
723/ 200	2061/ 3664	0.10	0.03	ଶାରଦ ଦୁଇ	ଶ୍ରୀ ରାୟତ, ପି: ପିତା, ଜା: ଖଣ୍ଡାୟତ, ବା: ଗୁଡିଆମାରିଡିହି
723/ 212	1568	0.42	0.03	ଶାରଦ ଦୁଇ	ଶ୍ରୀ ରାୟତ, ପି: ପିତା, ଜା: ଖଣ୍ଡାୟତ, ବା: ଗୁଡିଆମାରିଡିହି
723/ 232	2063	0.23	0.04	ଶାରଦ ଦୁଇ	ଶ୍ରୀ ରାୟତ, ପି: ପିତା, ଜା: ଖଣ୍ଡାୟତ, ବା: ଗୁଡିଆମାରିଡିହି
723/ 234	184/ 3595	0.26	0.03	ଶାରଦ ଦୁଇ	ଶ୍ରୀ ରାୟତ, ପି: ପିତା, ଜା: ଖଣ୍ଡାୟତ, ବା: ଗୁଡିଆମାରିଡିହି
723/ 236	2235/ 3516	0.07	0.01	ଶାରଦ ଦୁଇ	ଶ୍ରୀ ରାୟତ, ପି: ପିତା, ଜା: ଖଣ୍ଡାୟତ, ବା: ଗୁଡିଆମାରିଡିହି
723/ 237	2061/ 3716	0.05	0.01	ଶାରଦ ଦୁଇ	ଶ୍ରୀ ରାୟତ, ପି: ପିତା, ଜା: ଖଣ୍ଡାୟତ, ବା: ଗୁଡିଆମାରିଡିହି
723/ 240	2818	0.16	0.03	ଶାରଦ ଦୁଇ	ଶ୍ରୀ ରାୟତ, ପି: ପିତା, ଜା: ଖଣ୍ଡାୟତ, ବା: ଗୁଡିଆମାରିଡିହି
723/241	2061/ 3716	0.05	0.03	ଶାରଦ ଦୁଇ	ଶ୍ରୀ ରାୟତ, ପି: ପିତା, ଜା: ଖଣ୍ଡାୟତ, ବା: ଗୁଡିଆମାରିଡିହି
723/252	1922/ 3725	0.33	0.03	ଶାରଦ ଦୁଇ	ଶ୍ରୀ ରାୟତ, ପି: ପିତା, ଜା: ଖଣ୍ଡାୟତ, ବା: ଗୁଡିଆମାରିଡିହି
723/262	2061/ 3743	0.20	0.02	ଶାରଦ ଦୁଇ	ଶ୍ରୀ ରାୟତ, ପି: ପିତା, ଜା: ଖଣ୍ଡାୟତ, ବା: ଗୁଡିଆମାରିଡିହି
723/278	2538/ 3750	0.07	0.02	ଶାରଦ ଦୁଇ	ଶ୍ରୀ ରାୟତ, ପି: ପିତା, ଜା: ଖଣ୍ଡାୟତ, ବା: ଗୁଡିଆମାରିଡିହି
723/283	2538/ 3495	0.15	0.02	ଶାରଦ ଦୁଇ	ଶ୍ରୀ ରାୟତ, ପି: ପିତା, ଜା: ଖଣ୍ଡାୟତ, ବା: ଗୁଡିଆମାରିଡିହି
723/292	2310/ 3757	0.05	0.01	ଶାରଦ ଦୁଇ	ଶ୍ରୀ ରାୟତ, ପି: ପିତା, ଜା: ଖଣ୍ଡାୟତ, ବା: ଗୁଡିଆମାରିଡିହି
723/298	253	0.14	0.02	ଶାରଦ ଦୁଇ	ଶ୍ରୀ ରାୟତ, ପି: ପିତା, ଜା: ଖଣ୍ଡାୟତ, ବା: ଗୁଡିଆମାରିଡିହି
